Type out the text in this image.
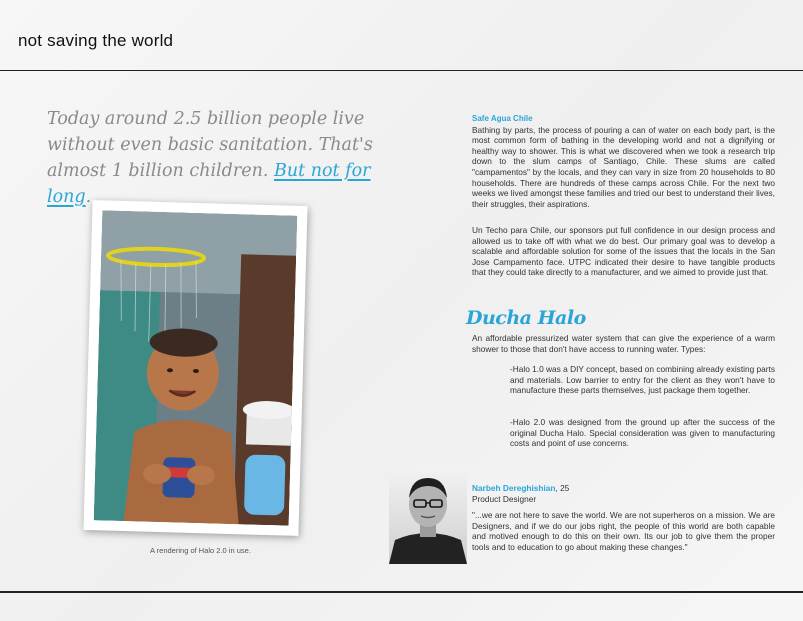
not saving the world
Today around 2.5 billion people live without even basic sanitation. That's almost 1 billion children. But not for long.
A rendering of Halo 2.0 in use.
Safe Agua Chile
Bathing by parts, the process of pouring a can of water on each body part, is the most common form of bathing in the developing world and not a dignifying or healthy way to shower. This is what we discovered when we took a research trip down to the slum camps of Santiago, Chile. These slums are called "campamentos" by the locals, and they can vary in size from 20 households to 80 households. There are hundreds of these camps across Chile. For the next two weeks we lived amongst these families and tried our best to understand their lives, their struggles, their aspirations.
Un Techo para Chile, our sponsors put full confidence in our design process and allowed us to take off with what we do best. Our primary goal was to develop a scalable and affordable solution for some of the issues that the locals in the San Jose Campamento face. UTPC indicated their desire to have tangible products that they could take directly to a manufacturer, and we aimed to provide just that.
Ducha Halo
An affordable pressurized water system that can give the experience of a warm shower to those that don't have access to running water. Types:
-Halo 1.0 was a DIY concept, based on combining already existing parts and materials. Low barrier to entry for the client as they won't have to manufacture these parts themselves, just package them together.
-Halo 2.0 was designed from the ground up after the success of the original Ducha Halo. Special consideration was given to manufacturing costs and point of use concerns.
Narbeh Dereghishian, 25
Product Designer
"...we are not here to save the world. We are not superheros on a mission. We are Designers, and if we do our jobs right, the people of this world are both capable and motived enough to do this on their own. Its our job to give them the proper tools and to education to go about making these changes."
